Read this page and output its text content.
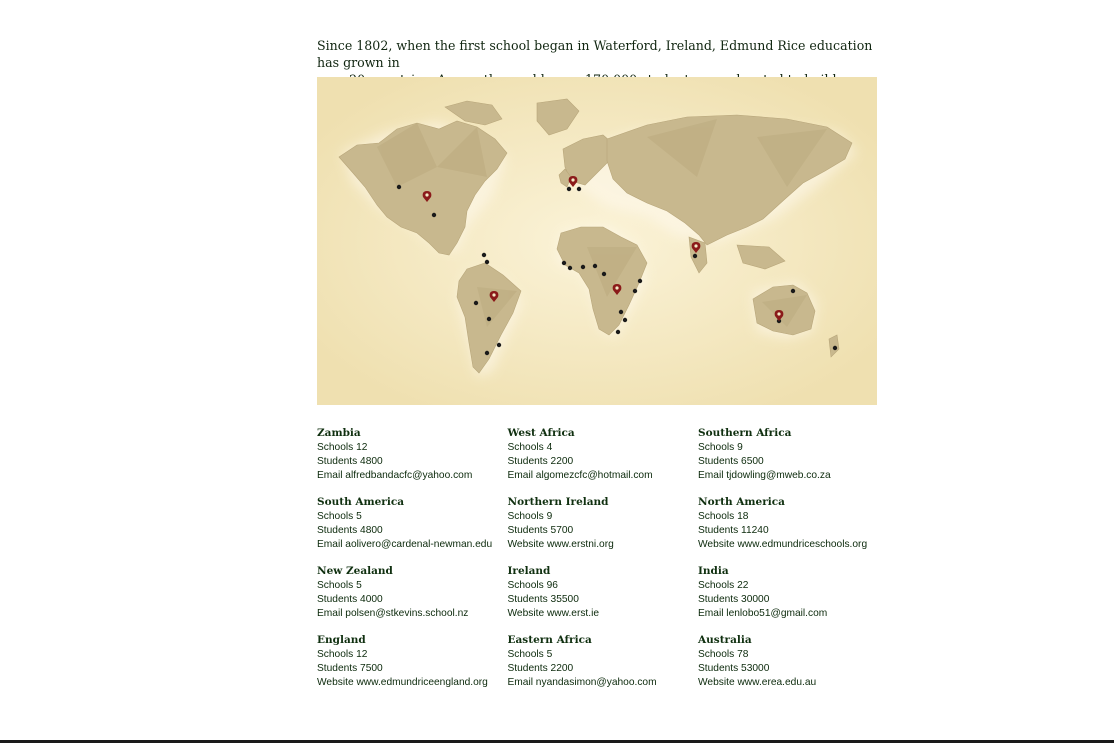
Since 1802, when the first school began in Waterford, Ireland, Edmund Rice education has grown in

Zambia
Schools 12
Students 4800
Email alfredbandacfc@yahoo.com
West Africa
Schools 4
Students 2200
Email algomezcfc@hotmail.com
Southern Africa
Schools 9
Students 6500
Email tjdowling@mweb.co.za
South America
Schools 5
Students 4800
Email aolivero@cardenal-newman.edu
Northern Ireland
Schools 9
Students 5700
Website www.erstni.org
North America
Schools 18
Students 11240
Website www.edmundriceschools.org
New Zealand
Schools 5
Students 4000
Email polsen@stkevins.school.nz
Ireland
Schools 96
Students 35500
Website www.erst.ie
India
Schools 22
Students 30000
Email lenlobo51@gmail.com
England
Schools 12
Students 7500
Website www.edmundriceengland.org
Eastern Africa
Schools 5
Students 2200
Email nyandasimon@yahoo.com
Australia
Schools 78
Students 53000
Website www.erea.edu.au
